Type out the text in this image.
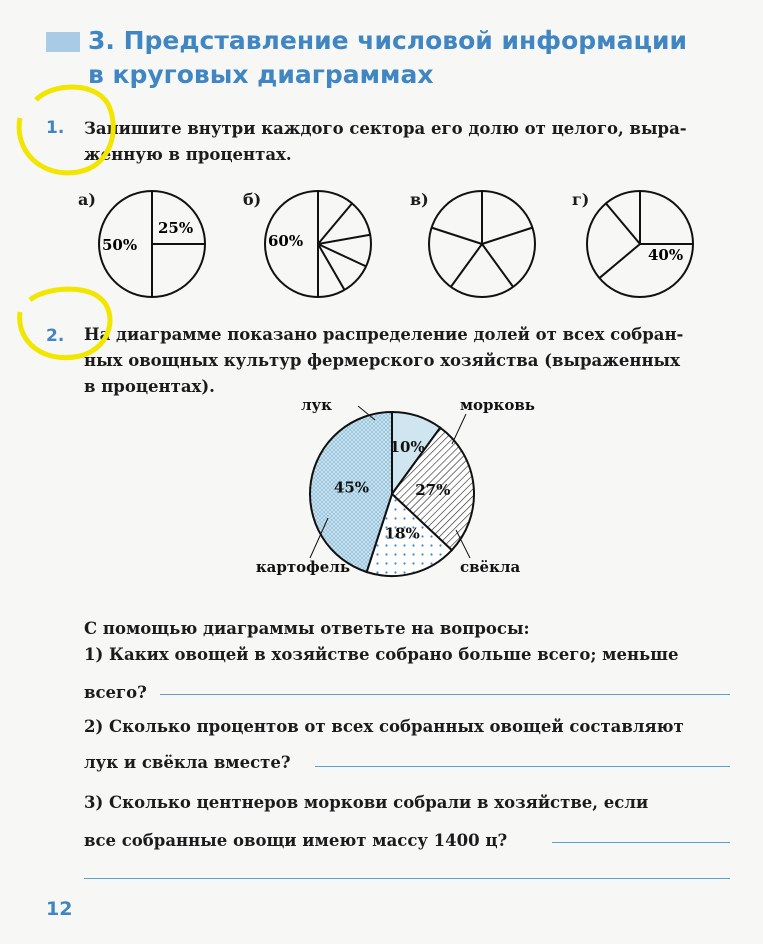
3. Представление числовой информации
в круговых диаграммах
1. Запишите внутри каждого сектора его долю от целого, выра-
женную в процентах.
а)	б)	в)	г)
50%
25%
60%
40%
2. На диаграмме показано распределение долей от всех собран-
ных овощных культур фермерского хозяйства (выраженных
в процентах).
10%
27%
18%
45%
лук	морковь
свёкла
картофель
С помощью диаграммы ответьте на вопросы:
1) Каких овощей в хозяйстве собрано больше всего; меньше
всего?
2) Сколько процентов от всех собранных овощей составляют
лук и свёкла вместе?
3) Сколько центнеров моркови собрали в хозяйстве, если
все собранные овощи имеют массу 1400 ц?
12
